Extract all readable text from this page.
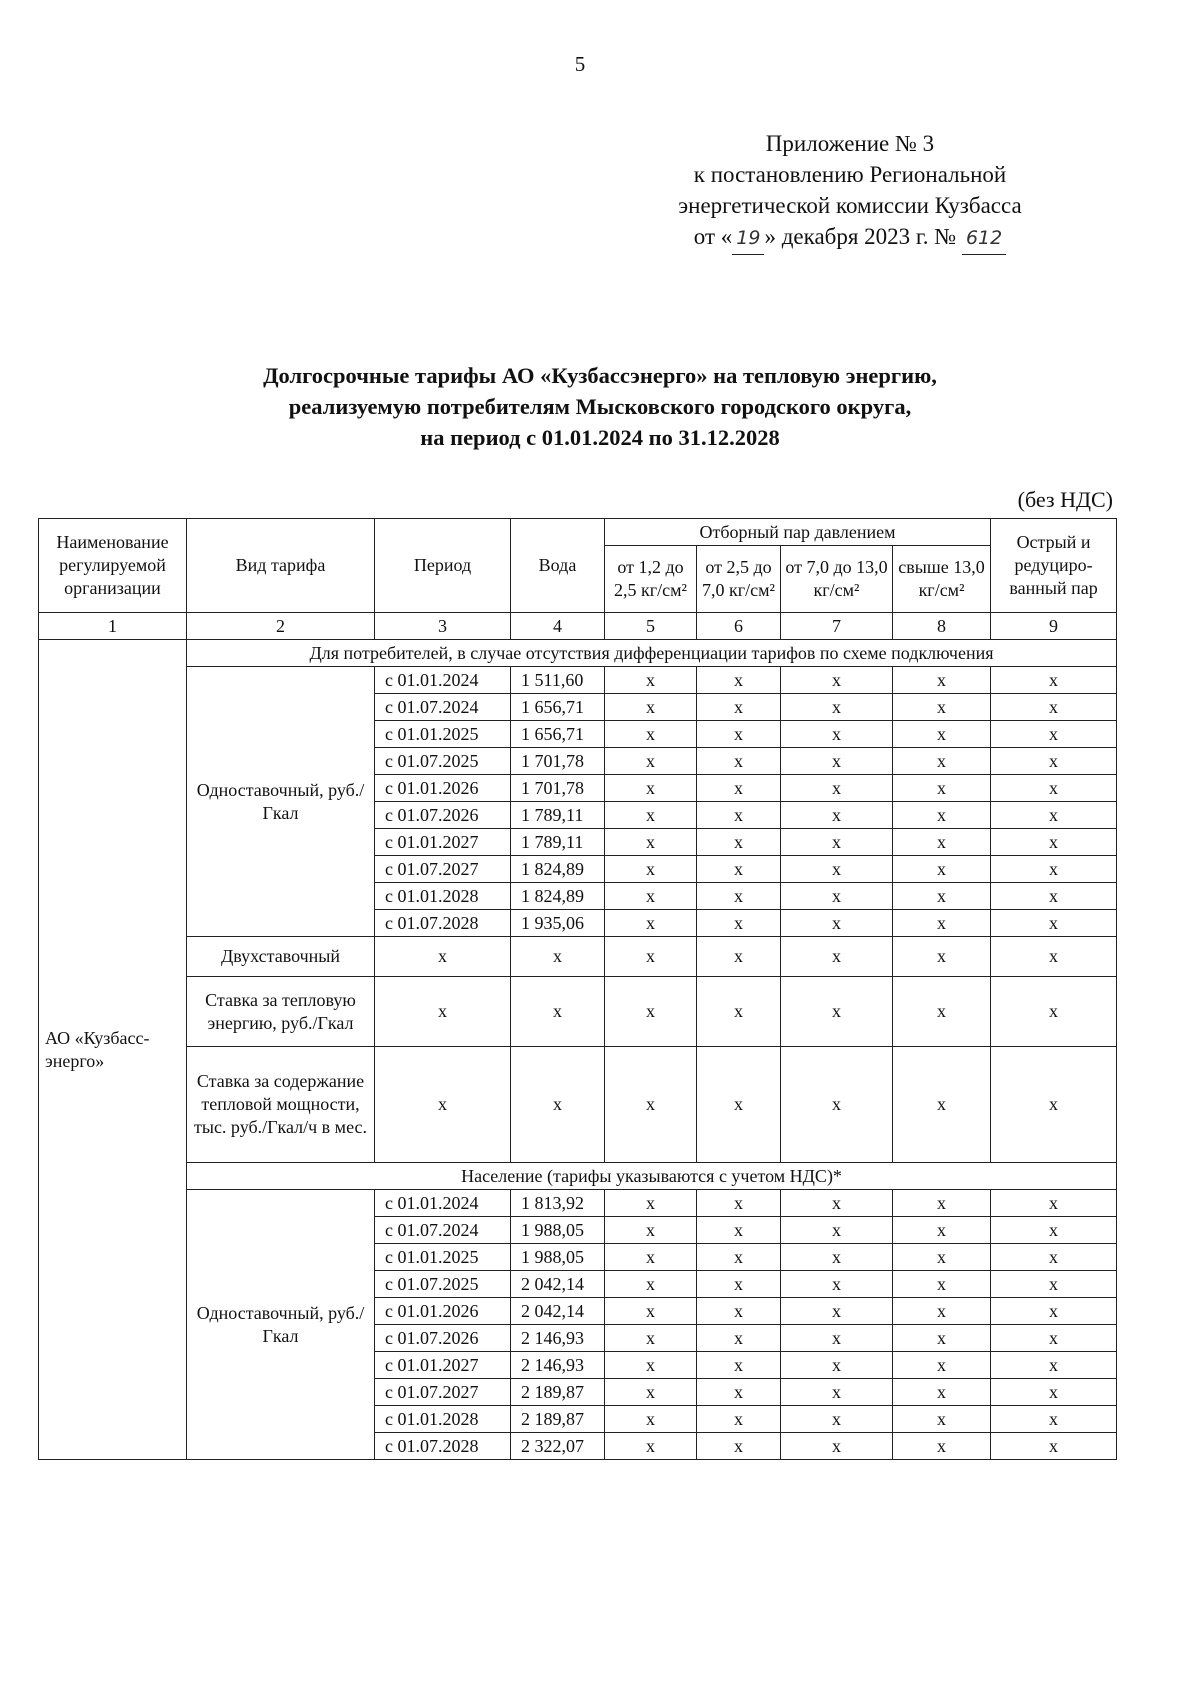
5
Приложение № 3
к постановлению Региональной
энергетической комиссии Кузбасса
от « 19 » декабря 2023 г. № 612
Долгосрочные тарифы АО «Кузбассэнерго» на тепловую энергию,
реализуемую потребителям Мысковского городского округа,
на период с 01.01.2024 по 31.12.2028
(без НДС)
Наименование регулируемой организации	Вид тарифа	Период	Вода	Отборный пар давлением				Острый и редуциро-ванный пар
				от 1,2 до 2,5 кг/см²	от 2,5 до 7,0 кг/см²	от 7,0 до 13,0 кг/см²	свыше 13,0 кг/см²	
1	2	3	4	5	6	7	8	9
АО «Кузбасс-энерго»	Для потребителей, в случае отсутствия дифференциации тарифов по схеме подключения							
	Одноставочный, руб./Гкал	с 01.01.2024	1 511,60	x	x	x	x	x
		с 01.07.2024	1 656,71	x	x	x	x	x
		с 01.01.2025	1 656,71	x	x	x	x	x
		с 01.07.2025	1 701,78	x	x	x	x	x
		с 01.01.2026	1 701,78	x	x	x	x	x
		с 01.07.2026	1 789,11	x	x	x	x	x
		с 01.01.2027	1 789,11	x	x	x	x	x
		с 01.07.2027	1 824,89	x	x	x	x	x
		с 01.01.2028	1 824,89	x	x	x	x	x
		с 01.07.2028	1 935,06	x	x	x	x	x
	Двухставочный	x	x	x	x	x	x	x
	Ставка за тепловую энергию, руб./Гкал	x	x	x	x	x	x	x
	Ставка за содержание тепловой мощности, тыс. руб./Гкал/ч в мес.	x	x	x	x	x	x	x
	Население (тарифы указываются с учетом НДС)*							
	Одноставочный, руб./Гкал	с 01.01.2024	1 813,92	x	x	x	x	x
		с 01.07.2024	1 988,05	x	x	x	x	x
		с 01.01.2025	1 988,05	x	x	x	x	x
		с 01.07.2025	2 042,14	x	x	x	x	x
		с 01.01.2026	2 042,14	x	x	x	x	x
		с 01.07.2026	2 146,93	x	x	x	x	x
		с 01.01.2027	2 146,93	x	x	x	x	x
		с 01.07.2027	2 189,87	x	x	x	x	x
		с 01.01.2028	2 189,87	x	x	x	x	x
		с 01.07.2028	2 322,07	x	x	x	x	x
